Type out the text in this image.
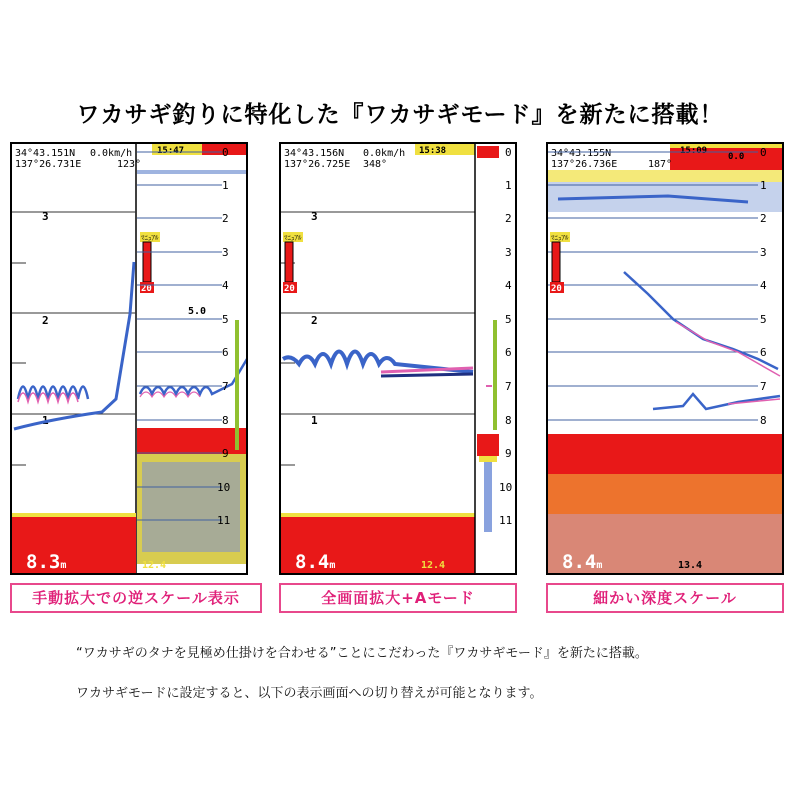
ワカサギ釣りに特化した『ワカサギモード』を新たに搭載！
34°43.151N
137°26.731E
0.0km/h
123°
15:47
3
2
1
8.3m
ﾏﾆｭｱﾙ
20
5.0
0
1
2
3
4
5
6
7
8
9
10
11
12.4
34°43.156N
137°26.725E
0.0km/h
348°
15:38
3
2
1
8.4m	12.4
ﾏﾆｭｱﾙ
20
0
1
2
3
4
5
6
7
8
9
10
11
34°43.155N
137°26.736E
15:09
0.0
187°
0
1
2
3
4
5
6
7
8
ﾏﾆｭｱﾙ
20
8.4m	13.4
手動拡大での逆スケール表示	全画面拡大+Aモード	細かい深度スケール
“ワカサギのタナを見極め仕掛けを合わせる”ことにこだわった『ワカサギモード』を新たに搭載。
ワカサギモードに設定すると、以下の表示画面への切り替えが可能となります。
